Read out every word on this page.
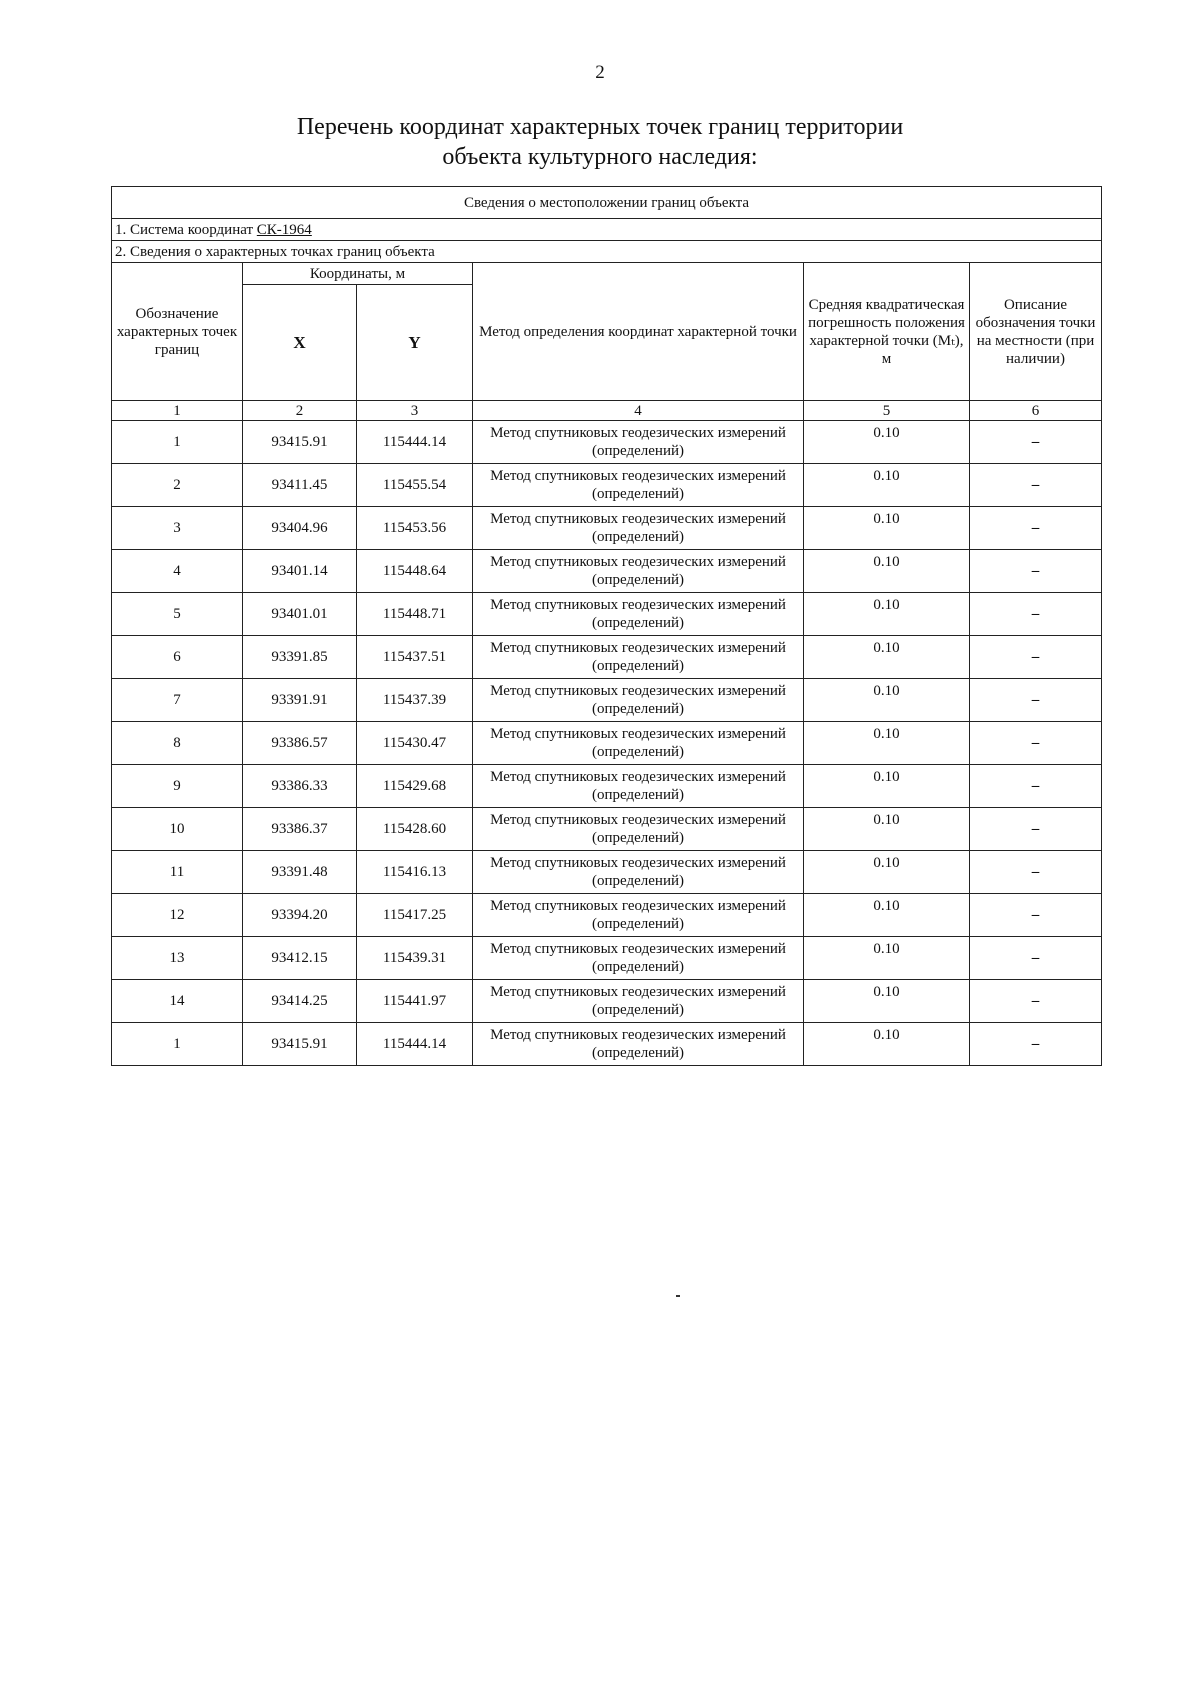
2
Перечень координат характерных точек границ территории
объекта культурного наследия:
Сведения о местоположении границ объекта					
1. Система координат СК-1964					
2. Сведения о характерных точках границ объекта					
Обозначение характерных точек границ	Координаты, м		Метод определения координат характерной точки	Средняя квадратическая погрешность положения характерной точки (Mₜ), м	Описание обозначения точки на местности (при наличии)
	X	Y			
1	2	3	4	5	6
1	93415.91	115444.14	Метод спутниковых геодезических измерений (определений)	0.10	–
2	93411.45	115455.54	Метод спутниковых геодезических измерений (определений)	0.10	–
3	93404.96	115453.56	Метод спутниковых геодезических измерений (определений)	0.10	–
4	93401.14	115448.64	Метод спутниковых геодезических измерений (определений)	0.10	–
5	93401.01	115448.71	Метод спутниковых геодезических измерений (определений)	0.10	–
6	93391.85	115437.51	Метод спутниковых геодезических измерений (определений)	0.10	–
7	93391.91	115437.39	Метод спутниковых геодезических измерений (определений)	0.10	–
8	93386.57	115430.47	Метод спутниковых геодезических измерений (определений)	0.10	–
9	93386.33	115429.68	Метод спутниковых геодезических измерений (определений)	0.10	–
10	93386.37	115428.60	Метод спутниковых геодезических измерений (определений)	0.10	–
11	93391.48	115416.13	Метод спутниковых геодезических измерений (определений)	0.10	–
12	93394.20	115417.25	Метод спутниковых геодезических измерений (определений)	0.10	–
13	93412.15	115439.31	Метод спутниковых геодезических измерений (определений)	0.10	–
14	93414.25	115441.97	Метод спутниковых геодезических измерений (определений)	0.10	–
1	93415.91	115444.14	Метод спутниковых геодезических измерений (определений)	0.10	–
